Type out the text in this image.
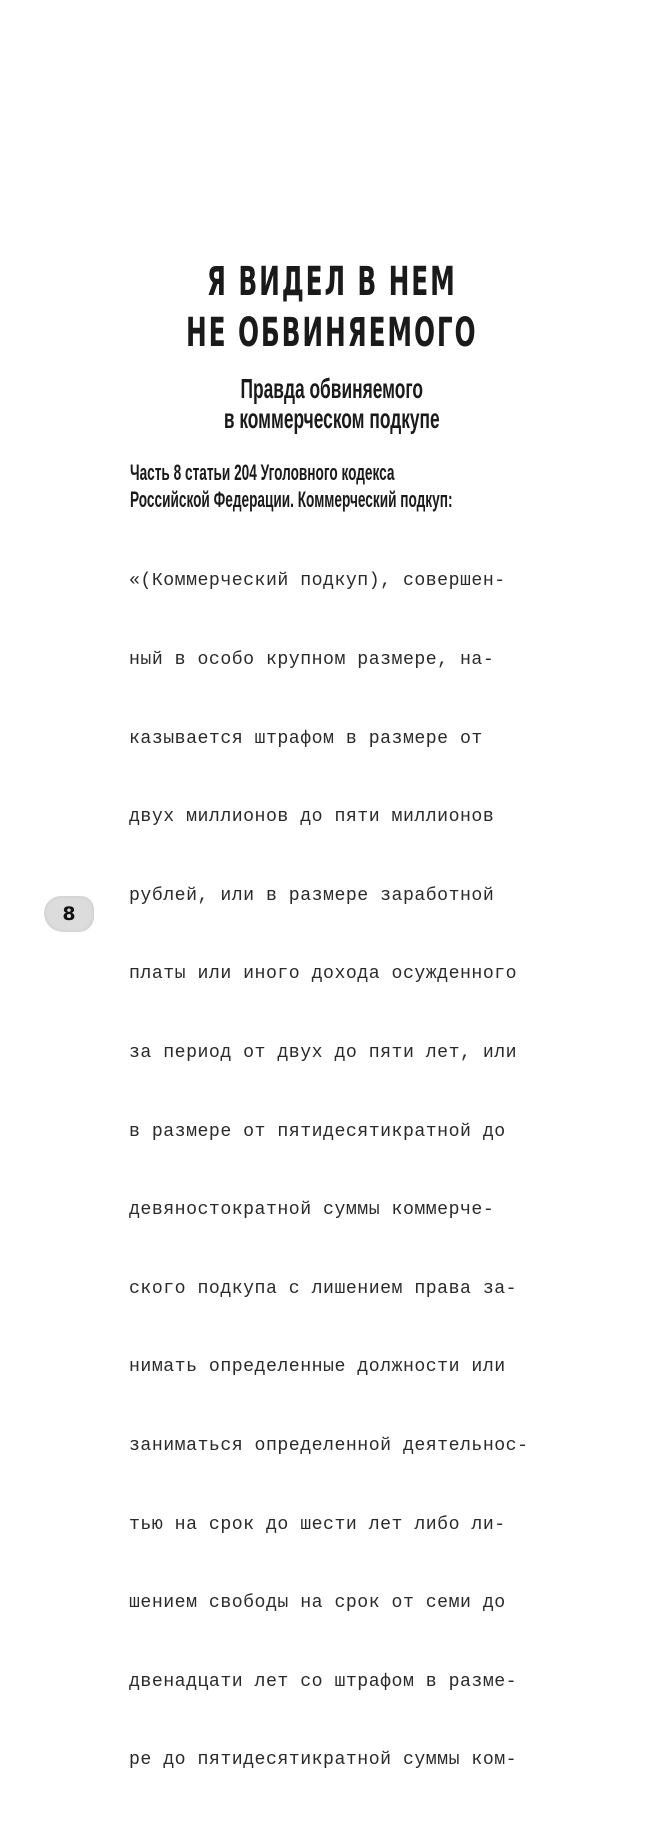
Я ВИДЕЛ В НЕМ
НЕ ОБВИНЯЕМОГО
Правда обвиняемого
в коммерческом подкупе
Часть 8 статьи 204 Уголовного кодекса
Российской Федерации. Коммерческий подкуп:

«(Коммерческий подкуп), совершен-

ный в особо крупном размере, на-

казывается штрафом в размере от

двух миллионов до пяти миллионов

рублей, или в размере заработной

платы или иного дохода осужденного

за период от двух до пяти лет, или

в размере от пятидесятикратной до

девяностократной суммы коммерче-

ского подкупа с лишением права за-

нимать определенные должности или

заниматься определенной деятельнос-

тью на срок до шести лет либо ли-

шением свободы на срок от семи до

двенадцати лет со штрафом в разме-

ре до пятидесятикратной суммы ком-

8
